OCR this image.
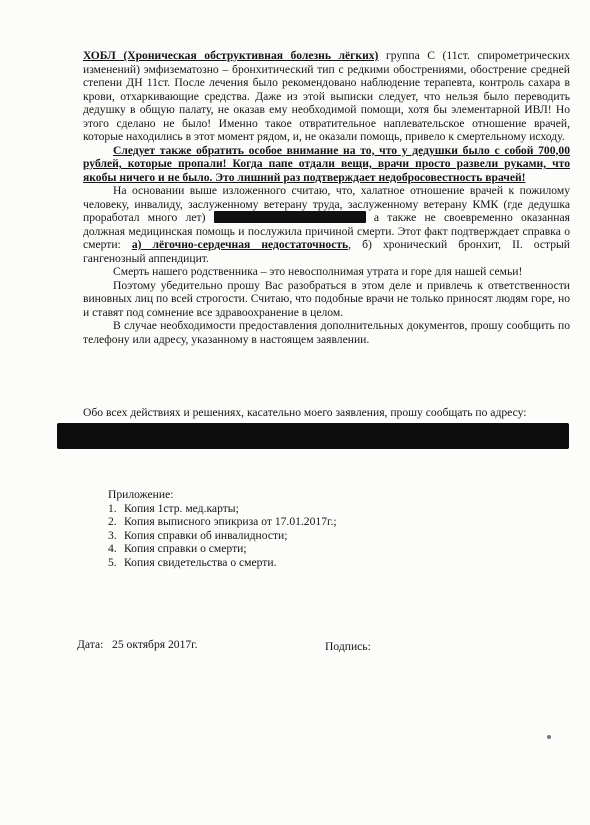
ХОБЛ (Хроническая обструктивная болезнь лёгких) группа С (11ст. спирометрических изменений) эмфизематозно – бронхитический тип с редкими обострениями, обострение средней степени ДН 11ст. После лечения было рекомендовано наблюдение терапевта, контроль сахара в крови, отхаркивающие средства. Даже из этой выписки следует, что нельзя было переводить дедушку в общую палату, не оказав ему необходимой помощи, хотя бы элементарной ИВЛ! Но этого сделано не было! Именно такое отвратительное наплевательское отношение врачей, которые находились в этот момент рядом, и, не оказали помощь, привело к смертельному исходу.

Следует также обратить особое внимание на то, что у дедушки было с собой 700,00 рублей, которые пропали! Когда папе отдали вещи, врачи просто развели руками, что якобы ничего и не было. Это лишний раз подтверждает недобросовестность врачей!

На основании выше изложенного считаю, что, халатное отношение врачей к пожилому человеку, инвалиду, заслуженному ветерану труда, заслуженному ветерану КМК (где дедушка проработал много лет)	а также не своевременно оказанная должная медицинская помощь и послужила причиной смерти. Этот факт подтверждает справка о смерти: а) лёгочно-сердечная недостаточность, б) хронический бронхит, II. острый гангенозный аппендицит.

Смерть нашего родственника – это невосполнимая утрата и горе для нашей семьи!

Поэтому убедительно прошу Вас разобраться в этом деле и привлечь к ответственности виновных лиц по всей строгости. Считаю, что подобные врачи не только приносят людям горе, но и ставят под сомнение все здравоохранение в целом.

В случае необходимости предоставления дополнительных документов, прошу сообщить по телефону или адресу, указанному в настоящем заявлении.

Обо всех действиях и решениях, касательно моего заявления, прошу сообщать по адресу:
Приложение:
1. Копия 1стр. мед.карты;
2. Копия выписного эпикриза от 17.01.2017г.;
3. Копия справки об инвалидности;
4. Копия справки о смерти;
5. Копия свидетельства о смерти.
Дата: 25 октября 2017г.	Подпись:
